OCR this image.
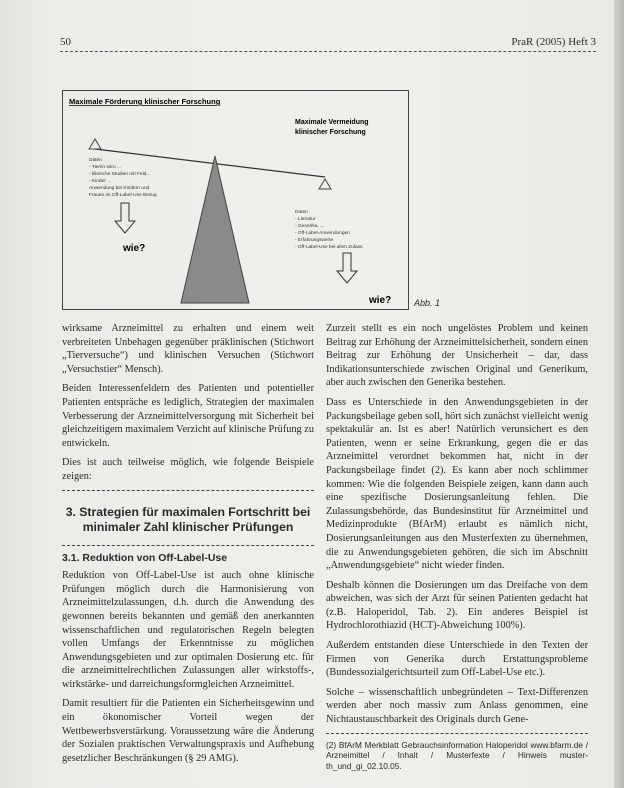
50	PraR (2005) Heft 3
Maximale Förderung klinischer Forschung
Maximale Vermeidung
klinischer Forschung
Daten
- Tier/in-vitro ...
- klinische Studien mit Feld...
- Kinder ...
Anwendung bei Kindern und
Frauen im Off-Label-Use Bezug
wie?
Daten
- Literatur
- Generika, ...
- Off-Label-Anwendungen
- Erfahrungswerte
- Off-Label-Use bei allen Zulass.
wie?	Abb. 1

wirksame Arzneimittel zu erhalten und einem weit verbreiteten Unbehagen gegenüber präklinischen (Stichwort „Tierversuche“) und klinischen Versuchen (Stichwort „Versuchstier“ Mensch).

Beiden Interessenfeldern des Patienten und potentieller Patienten entspräche es lediglich, Strategien der maximalen Verbesserung der Arzneimittelversorgung mit Sicherheit bei gleichzeitigem maximalem Verzicht auf klinische Prüfung zu entwickeln.

Dies ist auch teilweise möglich, wie folgende Beispiele zeigen:

3. Strategien für maximalen Fortschritt bei minimaler Zahl klinischer Prüfungen
3.1. Reduktion von Off-Label-Use

Reduktion von Off-Label-Use ist auch ohne klinische Prüfungen möglich durch die Harmonisierung von Arzneimittelzulassungen, d.h. durch die Anwendung des gewonnen bereits bekannten und gemäß den anerkannten wissenschaftlichen und regulatorischen Regeln belegten vollen Umfangs der Erkenntnisse zu möglichen Anwendungsgebieten und zur optimalen Dosierung etc. für die arzneimittelrechtlichen Zulassungen aller wirkstoffs-, wirkstärke- und darreichungsformgleichen Arzneimittel.

Damit resultiert für die Patienten ein Sicherheitsgewinn und ein ökonomischer Vorteil wegen der Wettbewerbsverstärkung. Voraussetzung wäre die Änderung der Sozialen praktischen Verwaltungspraxis und Aufhebung gesetzlicher Beschränkungen (§ 29 AMG).

Zurzeit stellt es ein noch ungelöstes Problem und keinen Beitrag zur Erhöhung der Arzneimittelsicherheit, sondern einen Beitrag zur Erhöhung der Unsicherheit – dar, dass Indikationsunterschiede zwischen Original und Generikum, aber auch zwischen den Generika bestehen.

Dass es Unterschiede in den Anwendungsgebieten in der Packungsbeilage geben soll, hört sich zunächst vielleicht wenig spektakulär an. Ist es aber! Natürlich verunsichert es den Patienten, wenn er seine Erkrankung, gegen die er das Arzneimittel verordnet bekommen hat, nicht in der Packungsbeilage findet (2). Es kann aber noch schlimmer kommen: Wie die folgenden Beispiele zeigen, kann dann auch eine spezifische Dosierungsanleitung fehlen. Die Zulassungsbehörde, das Bundesinstitut für Arzneimittel und Medizinprodukte (BfArM) erlaubt es nämlich nicht, Dosierungsanleitungen aus den Musterfexten zu übernehmen, die zu Anwendungsgebieten gehören, die sich im Abschnitt „Anwendungsgebiete“ nicht wieder finden.

Deshalb können die Dosierungen um das Dreifache von dem abweichen, was sich der Arzt für seinen Patienten gedacht hat (z.B. Haloperidol, Tab. 2). Ein anderes Beispiel ist Hydrochlorothiazid (HCT)-Abweichung 100%).

Außerdem entstanden diese Unterschiede in den Texten der Firmen von Generika durch Erstattungsprobleme (Bundessozialgerichtsurteil zum Off-Label-Use etc.).

Solche – wissenschaftlich unbegründeten – Text-Differenzen werden aber noch massiv zum Anlass genommen, eine Nichtaustauschbarkeit des Originals durch Gene-

(2) BfArM Merkblatt Gebrauchsinformation Haloperidol www.bfarm.de / Arzneimittel / Inhalt / Musterfexte / Hinweis muster-th_und_gi_02.10.05.
